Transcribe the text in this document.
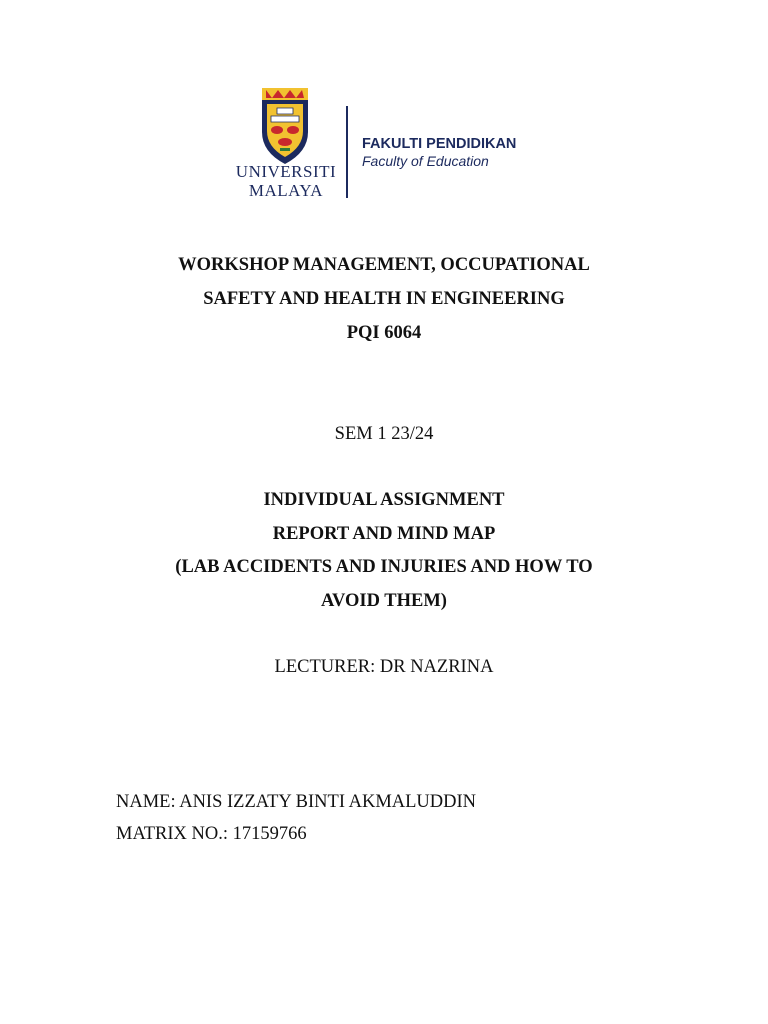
UNIVERSITI
MALAYA
FAKULTI PENDIDIKAN
Faculty of Education
WORKSHOP MANAGEMENT, OCCUPATIONAL
SAFETY AND HEALTH IN ENGINEERING
PQI 6064
SEM 1 23/24
INDIVIDUAL ASSIGNMENT
REPORT AND MIND MAP
(LAB ACCIDENTS AND INJURIES AND HOW TO
AVOID THEM)
LECTURER: DR NAZRINA
NAME: ANIS IZZATY BINTI AKMALUDDIN
MATRIX NO.: 17159766
